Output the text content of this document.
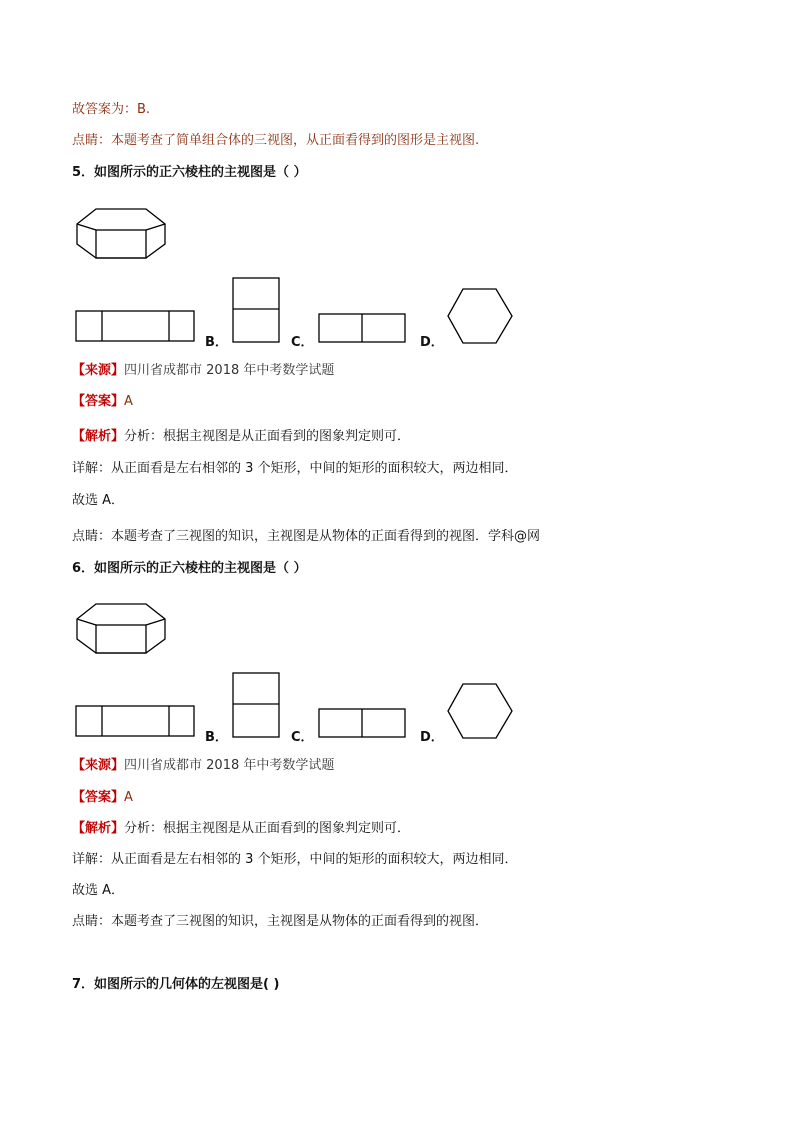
故答案为：B.
点睛：本题考查了简单组合体的三视图，从正面看得到的图形是主视图.
5．如图所示的正六棱柱的主视图是（ ）
B．	C．	D．
【来源】四川省成都市 2018 年中考数学试题
【答案】A
【解析】分析：根据主视图是从正面看到的图象判定则可．
详解：从正面看是左右相邻的 3 个矩形，中间的矩形的面积较大，两边相同．
故选 A．
点睛：本题考查了三视图的知识，主视图是从物体的正面看得到的视图．学科@网
6．如图所示的正六棱柱的主视图是（ ）
B．	C．	D．
【来源】四川省成都市 2018 年中考数学试题
【答案】A
【解析】分析：根据主视图是从正面看到的图象判定则可．
详解：从正面看是左右相邻的 3 个矩形，中间的矩形的面积较大，两边相同．
故选 A．
点睛：本题考查了三视图的知识，主视图是从物体的正面看得到的视图．
7．如图所示的几何体的左视图是( )
